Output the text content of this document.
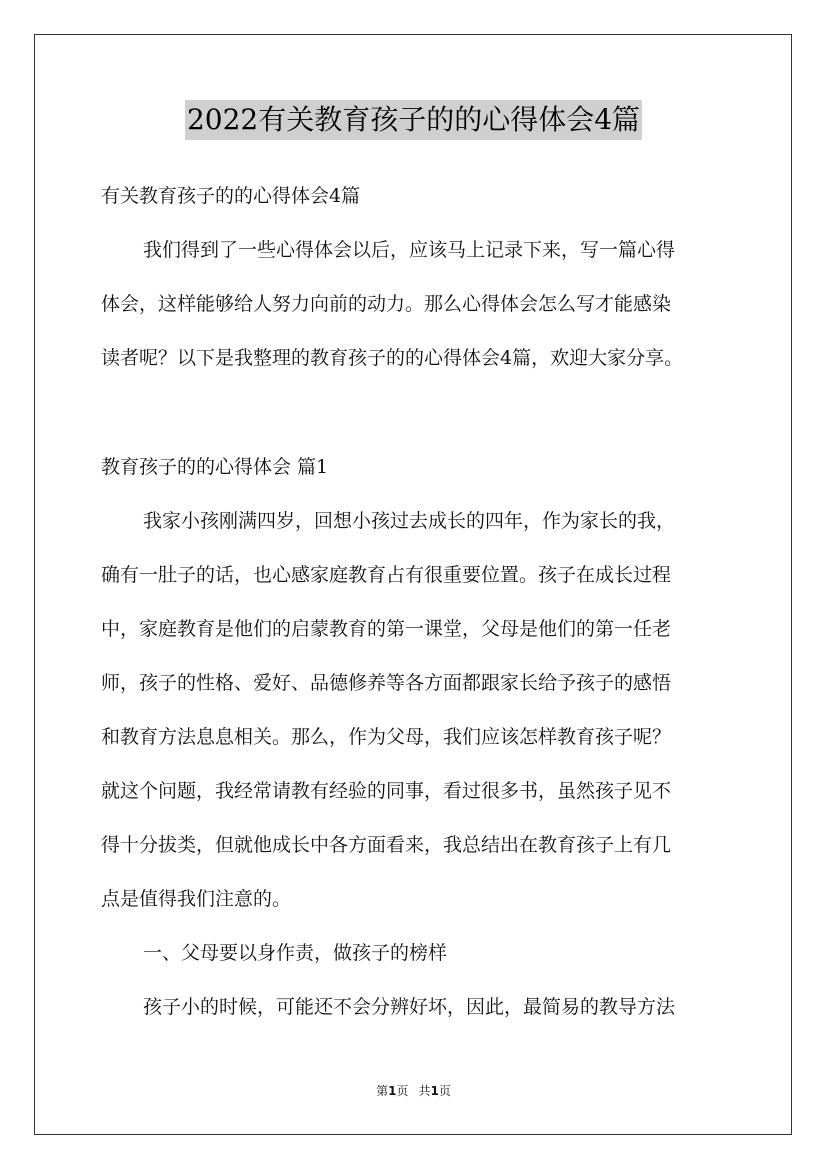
2022有关教育孩子的的心得体会4篇
有关教育孩子的的心得体会4篇
我们得到了一些心得体会以后，应该马上记录下来，写一篇心得
体会，这样能够给人努力向前的动力。那么心得体会怎么写才能感染
读者呢？以下是我整理的教育孩子的的心得体会4篇，欢迎大家分享。
教育孩子的的心得体会 篇1
我家小孩刚满四岁，回想小孩过去成长的四年，作为家长的我，
确有一肚子的话，也心感家庭教育占有很重要位置。孩子在成长过程
中，家庭教育是他们的启蒙教育的第一课堂，父母是他们的第一任老
师，孩子的性格、爱好、品德修养等各方面都跟家长给予孩子的感悟
和教育方法息息相关。那么，作为父母，我们应该怎样教育孩子呢？
就这个问题，我经常请教有经验的同事，看过很多书，虽然孩子见不
得十分拔类，但就他成长中各方面看来，我总结出在教育孩子上有几
点是值得我们注意的。
一、父母要以身作责，做孩子的榜样
孩子小的时候，可能还不会分辨好坏，因此，最简易的教导方法
第1页 共1页
